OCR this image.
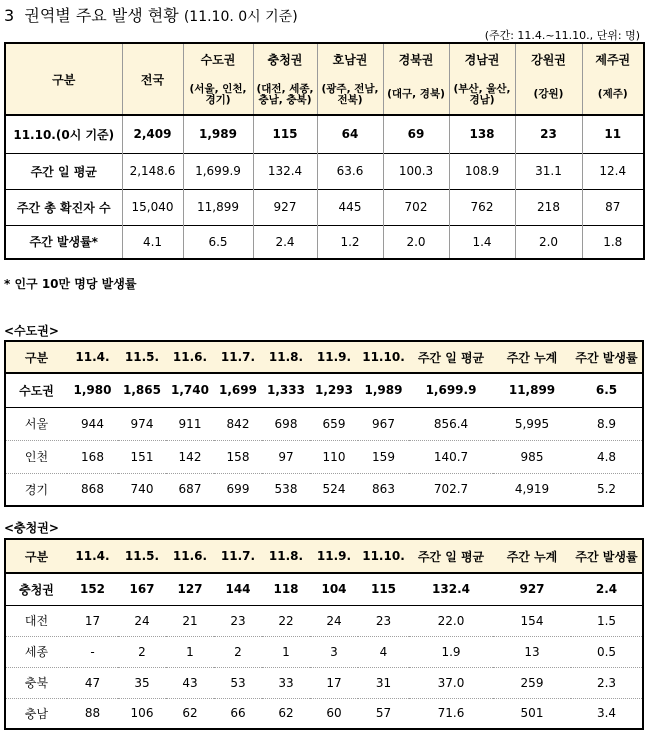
3 권역별 주요 발생 현황 (11.10. 0시 기준)
(주간: 11.4.~11.10., 단위: 명)
구분	전국	수도권	충청권	호남권	경북권	경남권	강원권	제주권
		(서울, 인천, 경기)	(대전, 세종, 충남, 충북)	(광주, 전남, 전북)	(대구, 경북)	(부산, 울산, 경남)	(강원)	(제주)
11.10.(0시 기준)	2,409	1,989	115	64	69	138	23	11
주간 일 평균	2,148.6	1,699.9	132.4	63.6	100.3	108.9	31.1	12.4
주간 총 확진자 수	15,040	11,899	927	445	702	762	218	87
주간 발생률*	4.1	6.5	2.4	1.2	2.0	1.4	2.0	1.8
* 인구 10만 명당 발생률
<수도권>
구분	11.4.	11.5.	11.6.	11.7.	11.8.	11.9.	11.10.	주간 일 평균	주간 누계	주간 발생률
수도권	1,980	1,865	1,740	1,699	1,333	1,293	1,989	1,699.9	11,899	6.5
서울	944	974	911	842	698	659	967	856.4	5,995	8.9
인천	168	151	142	158	97	110	159	140.7	985	4.8
경기	868	740	687	699	538	524	863	702.7	4,919	5.2
<충청권>
구분	11.4.	11.5.	11.6.	11.7.	11.8.	11.9.	11.10.	주간 일 평균	주간 누계	주간 발생률
충청권	152	167	127	144	118	104	115	132.4	927	2.4
대전	17	24	21	23	22	24	23	22.0	154	1.5
세종	-	2	1	2	1	3	4	1.9	13	0.5
충북	47	35	43	53	33	17	31	37.0	259	2.3
충남	88	106	62	66	62	60	57	71.6	501	3.4
